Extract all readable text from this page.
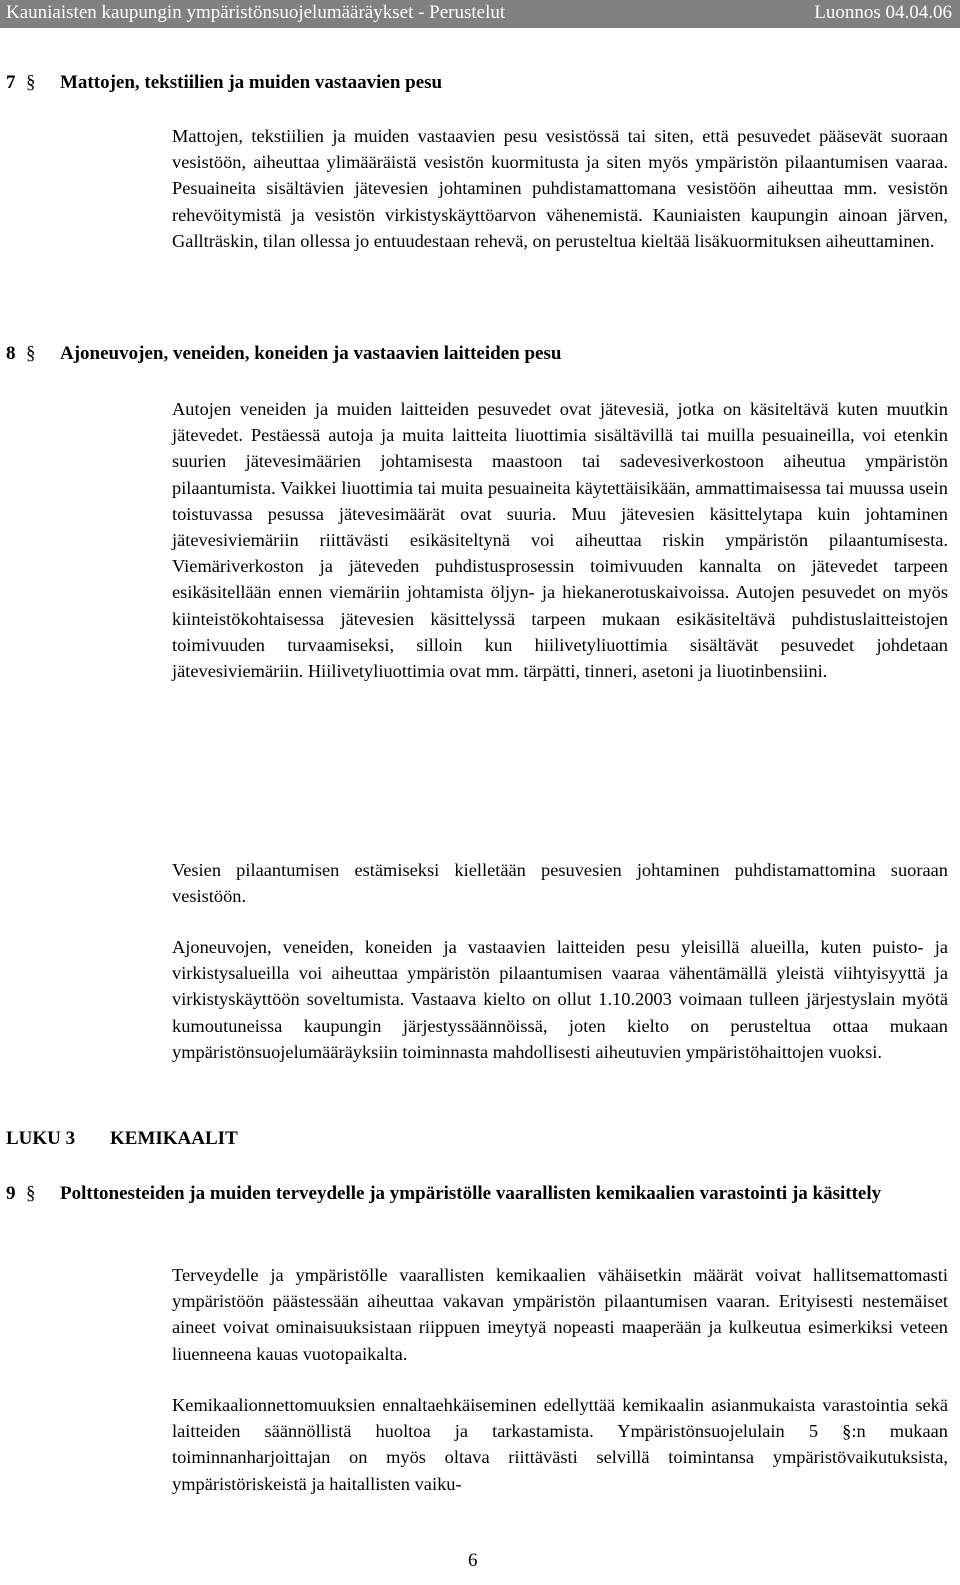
Kauniaisten kaupungin ympäristönsuojelumääräykset - Perustelut	Luonnos 04.04.06
7 § Mattojen, tekstiilien ja muiden vastaavien pesu

Mattojen, tekstiilien ja muiden vastaavien pesu vesistössä tai siten, että pesuvedet pääsevät suoraan vesistöön, aiheuttaa ylimääräistä vesistön kuormitusta ja siten myös ympäristön pilaantumisen vaaraa. Pesuaineita sisältävien jätevesien johtaminen puhdistamattomana vesistöön aiheuttaa mm. vesistön rehevöitymistä ja vesistön virkistyskäyttöarvon vähenemistä. Kauniaisten kaupungin ainoan järven, Gallträskin, tilan ollessa jo entuudestaan rehevä, on perusteltua kieltää lisäkuormituksen aiheuttaminen.

8 § Ajoneuvojen, veneiden, koneiden ja vastaavien laitteiden pesu

Autojen veneiden ja muiden laitteiden pesuvedet ovat jätevesiä, jotka on käsiteltävä kuten muutkin jätevedet. Pestäessä autoja ja muita laitteita liuottimia sisältävillä tai muilla pesuaineilla, voi etenkin suurien jätevesimäärien johtamisesta maastoon tai sadevesiverkostoon aiheutua ympäristön pilaantumista. Vaikkei liuottimia tai muita pesuaineita käytettäisikään, ammattimaisessa tai muussa usein toistuvassa pesussa jätevesimäärät ovat suuria. Muu jätevesien käsittelytapa kuin johtaminen jätevesiviemäriin riittävästi esikäsiteltynä voi aiheuttaa riskin ympäristön pilaantumisesta. Viemäriverkoston ja jäteveden puhdistusprosessin toimivuuden kannalta on jätevedet tarpeen esikäsitellään ennen viemäriin johtamista öljyn- ja hiekanerotuskaivoissa. Autojen pesuvedet on myös kiinteistökohtaisessa jätevesien käsittelyssä tarpeen mukaan esikäsiteltävä puhdistuslaitteistojen toimivuuden turvaamiseksi, silloin kun hiilivetyliuottimia sisältävät pesuvedet johdetaan jätevesiviemäriin. Hiilivetyliuottimia ovat mm. tärpätti, tinneri, asetoni ja liuotinbensiini.

Vesien pilaantumisen estämiseksi kielletään pesuvesien johtaminen puhdistamattomina suoraan vesistöön.

Ajoneuvojen, veneiden, koneiden ja vastaavien laitteiden pesu yleisillä alueilla, kuten puisto- ja virkistysalueilla voi aiheuttaa ympäristön pilaantumisen vaaraa vähentämällä yleistä viihtyisyyttä ja virkistyskäyttöön soveltumista. Vastaava kielto on ollut 1.10.2003 voimaan tulleen järjestyslain myötä kumoutuneissa kaupungin järjestyssäännöissä, joten kielto on perusteltua ottaa mukaan ympäristönsuojelumääräyksiin toiminnasta mahdollisesti aiheutuvien ympäristöhaittojen vuoksi.

LUKU 3 KEMIKAALIT
9 §	Polttonesteiden ja muiden terveydelle ja ympäristölle vaarallisten kemikaalien varastointi ja käsittely

Terveydelle ja ympäristölle vaarallisten kemikaalien vähäisetkin määrät voivat hallitsemattomasti ympäristöön päästessään aiheuttaa vakavan ympäristön pilaantumisen vaaran. Erityisesti nestemäiset aineet voivat ominaisuuksistaan riippuen imeytyä nopeasti maaperään ja kulkeutua esimerkiksi veteen liuenneena kauas vuotopaikalta.

Kemikaalionnettomuuksien ennaltaehkäiseminen edellyttää kemikaalin asianmukaista varastointia sekä laitteiden säännöllistä huoltoa ja tarkastamista. Ympäristönsuojelulain 5 §:n mukaan toiminnanharjoittajan on myös oltava riittävästi selvillä toimintansa ympäristövaikutuksista, ympäristöriskeistä ja haitallisten vaiku-

6
